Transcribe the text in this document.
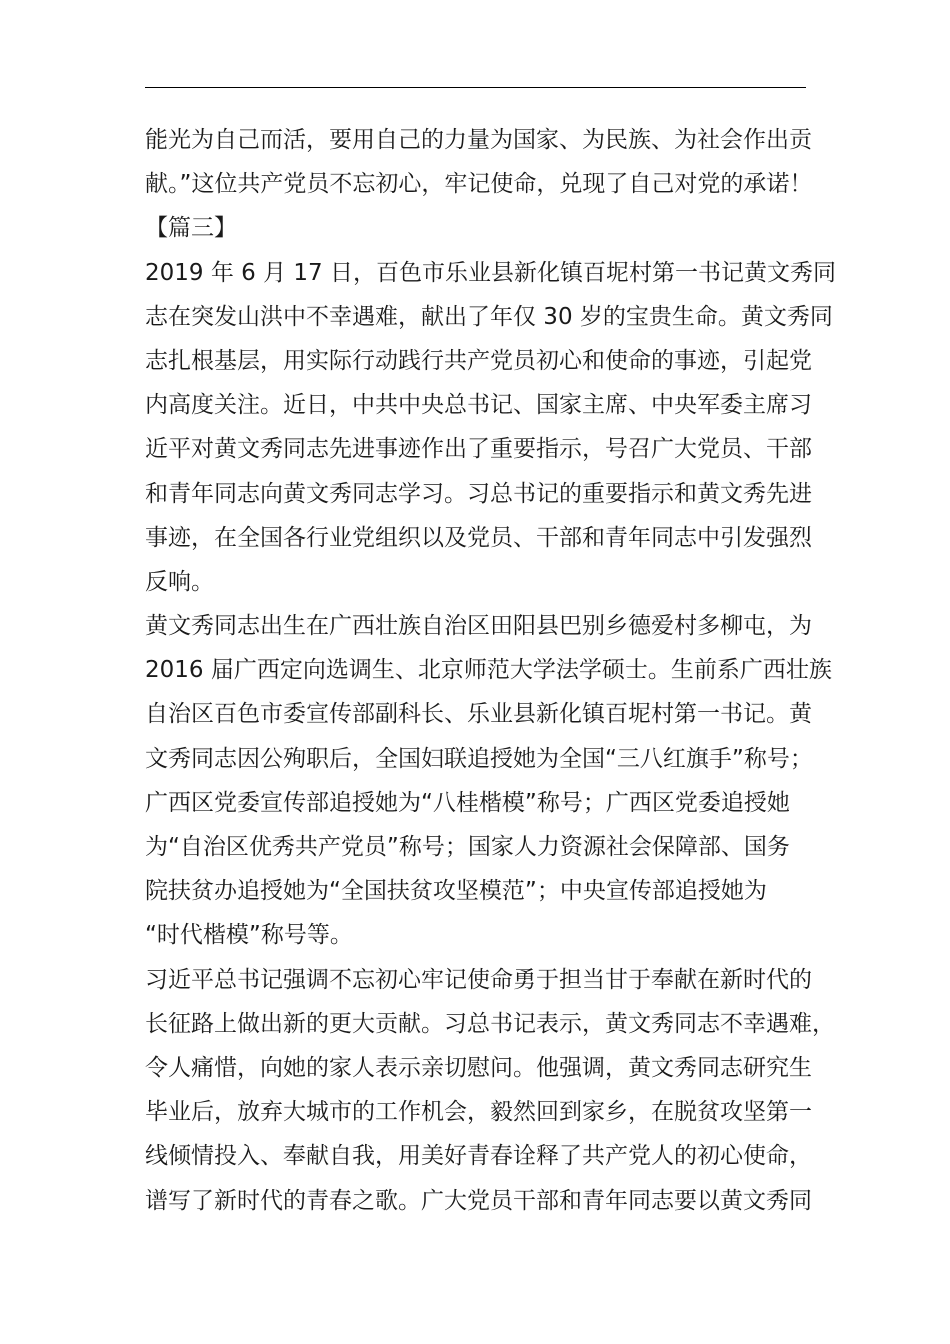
能光为自己而活，要用自己的力量为国家、为民族、为社会作出贡
献。”这位共产党员不忘初心，牢记使命，兑现了自己对党的承诺！
【篇三】
2019 年 6 月 17 日，百色市乐业县新化镇百坭村第一书记黄文秀同
志在突发山洪中不幸遇难，献出了年仅 30 岁的宝贵生命。黄文秀同
志扎根基层，用实际行动践行共产党员初心和使命的事迹，引起党
内高度关注。近日，中共中央总书记、国家主席、中央军委主席习
近平对黄文秀同志先进事迹作出了重要指示，号召广大党员、干部
和青年同志向黄文秀同志学习。习总书记的重要指示和黄文秀先进
事迹，在全国各行业党组织以及党员、干部和青年同志中引发强烈
反响。
黄文秀同志出生在广西壮族自治区田阳县巴别乡德爱村多柳屯，为
2016 届广西定向选调生、北京师范大学法学硕士。生前系广西壮族
自治区百色市委宣传部副科长、乐业县新化镇百坭村第一书记。黄
文秀同志因公殉职后，全国妇联追授她为全国“三八红旗手”称号；
广西区党委宣传部追授她为“八桂楷模”称号；广西区党委追授她
为“自治区优秀共产党员”称号；国家人力资源社会保障部、国务
院扶贫办追授她为“全国扶贫攻坚模范”；中央宣传部追授她为
“时代楷模”称号等。
习近平总书记强调不忘初心牢记使命勇于担当甘于奉献在新时代的
长征路上做出新的更大贡献。习总书记表示，黄文秀同志不幸遇难，
令人痛惜，向她的家人表示亲切慰问。他强调，黄文秀同志研究生
毕业后，放弃大城市的工作机会，毅然回到家乡，在脱贫攻坚第一
线倾情投入、奉献自我，用美好青春诠释了共产党人的初心使命，
谱写了新时代的青春之歌。广大党员干部和青年同志要以黄文秀同
